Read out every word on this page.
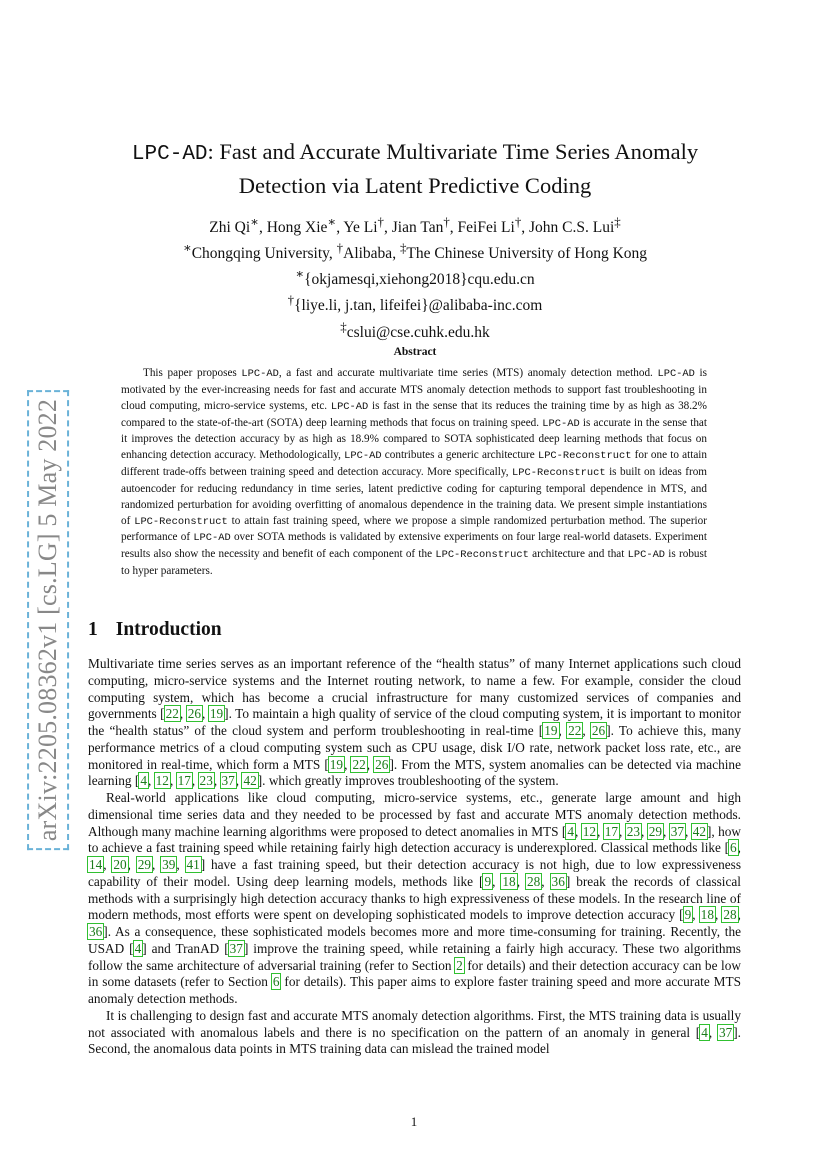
arXiv:2205.08362v1 [cs.LG] 5 May 2022
LPC-AD: Fast and Accurate Multivariate Time Series Anomaly
Detection via Latent Predictive Coding
Zhi Qi∗, Hong Xie∗, Ye Li†, Jian Tan†, FeiFei Li†, John C.S. Lui‡
∗Chongqing University, †Alibaba, ‡The Chinese University of Hong Kong
∗{okjamesqi,xiehong2018}cqu.edu.cn
†{liye.li, j.tan, lifeifei}@alibaba-inc.com
‡cslui@cse.cuhk.edu.hk
Abstract

This paper proposes LPC-AD, a fast and accurate multivariate time series (MTS) anomaly detection method. LPC-AD is motivated by the ever-increasing needs for fast and accurate MTS anomaly detection methods to support fast troubleshooting in cloud computing, micro-service systems, etc. LPC-AD is fast in the sense that its reduces the training time by as high as 38.2% compared to the state-of-the-art (SOTA) deep learning methods that focus on training speed. LPC-AD is accurate in the sense that it improves the detection accuracy by as high as 18.9% compared to SOTA sophisticated deep learning methods that focus on enhancing detection accuracy. Methodologically, LPC-AD contributes a generic architecture LPC-Reconstruct for one to attain different trade-offs between training speed and detection accuracy. More specifically, LPC-Reconstruct is built on ideas from autoencoder for reducing redundancy in time series, latent predictive coding for capturing temporal dependence in MTS, and randomized perturbation for avoiding overfitting of anomalous dependence in the training data. We present simple instantiations of LPC-Reconstruct to attain fast training speed, where we propose a simple randomized perturbation method. The superior performance of LPC-AD over SOTA methods is validated by extensive experiments on four large real-world datasets. Experiment results also show the necessity and benefit of each component of the LPC-Reconstruct architecture and that LPC-AD is robust to hyper parameters.

1 Introduction

Multivariate time series serves as an important reference of the “health status” of many Internet applications such cloud computing, micro-service systems and the Internet routing network, to name a few. For example, consider the cloud computing system, which has become a crucial infrastructure for many customized services of companies and governments [22, 26, 19]. To maintain a high quality of service of the cloud computing system, it is important to monitor the “health status” of the cloud system and perform troubleshooting in real-time [19, 22, 26]. To achieve this, many performance metrics of a cloud computing system such as CPU usage, disk I/O rate, network packet loss rate, etc., are monitored in real-time, which form a MTS [19, 22, 26]. From the MTS, system anomalies can be detected via machine learning [4, 12, 17, 23, 37, 42]. which greatly improves troubleshooting of the system.

Real-world applications like cloud computing, micro-service systems, etc., generate large amount and high dimensional time series data and they needed to be processed by fast and accurate MTS anomaly detection methods. Although many machine learning algorithms were proposed to detect anomalies in MTS [4, 12, 17, 23, 29, 37, 42], how to achieve a fast training speed while retaining fairly high detection accuracy is underexplored. Classical methods like [6, 14, 20, 29, 39, 41] have a fast training speed, but their detection accuracy is not high, due to low expressiveness capability of their model. Using deep learning models, methods like [9, 18, 28, 36] break the records of classical methods with a surprisingly high detection accuracy thanks to high expressiveness of these models. In the research line of modern methods, most efforts were spent on developing sophisticated models to improve detection accuracy [9, 18, 28, 36]. As a consequence, these sophisticated models becomes more and more time-consuming for training. Recently, the USAD [4] and TranAD [37] improve the training speed, while retaining a fairly high accuracy. These two algorithms follow the same architecture of adversarial training (refer to Section 2 for details) and their detection accuracy can be low in some datasets (refer to Section 6 for details). This paper aims to explore faster training speed and more accurate MTS anomaly detection methods.

It is challenging to design fast and accurate MTS anomaly detection algorithms. First, the MTS training data is usually not associated with anomalous labels and there is no specification on the pattern of an anomaly in general [4, 37]. Second, the anomalous data points in MTS training data can mislead the trained model

1
